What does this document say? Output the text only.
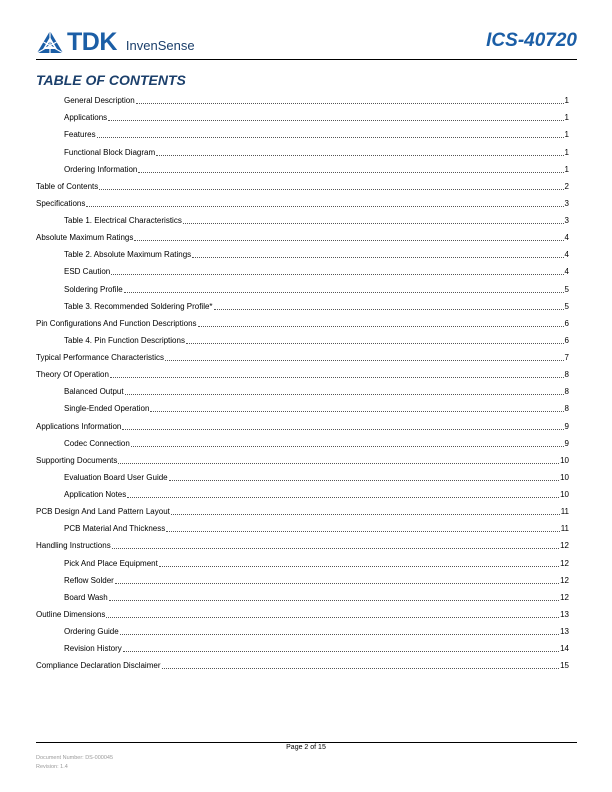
TDK InvenSense	ICS-40720
TABLE OF CONTENTS
General Description	1
Applications	1
Features	1
Functional Block Diagram	1
Ordering Information	1
Table of Contents	2
Specifications	3
Table 1. Electrical Characteristics	3
Absolute Maximum Ratings	4
Table 2. Absolute Maximum Ratings	4
ESD Caution	4
Soldering Profile	5
Table 3. Recommended Soldering Profile*	5
Pin Configurations And Function Descriptions	6
Table 4. Pin Function Descriptions	6
Typical Performance Characteristics	7
Theory Of Operation	8
Balanced Output	8
Single-Ended Operation	8
Applications Information	9
Codec Connection	9
Supporting Documents	10
Evaluation Board User Guide	10
Application Notes	10
PCB Design And Land Pattern Layout	11
PCB Material And Thickness	11
Handling Instructions	12
Pick And Place Equipment	12
Reflow Solder	12
Board Wash	12
Outline Dimensions	13
Ordering Guide	13
Revision History	14
Compliance Declaration Disclaimer	15
Page 2 of 15
Document Number: DS-000045
Revision: 1.4
